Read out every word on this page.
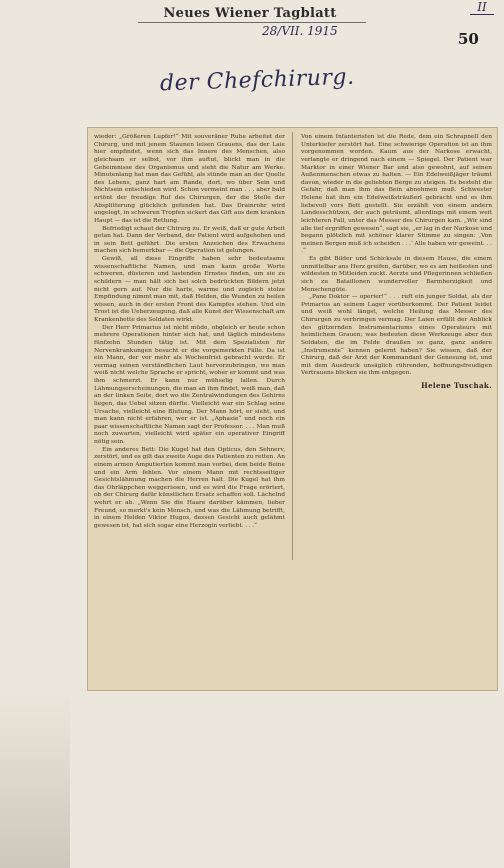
II
Neues Wiener Tagblatt
28/VII. 1915	50
der Chefchirurg.

wieder: „Größeren Lupfer!“ Mit souveräner Ruhe arbeitet der Chirurg, und mit jenem Staunen leisen Grauens, das der Laie hier empfindet, wenn sich das Innere des Menschen, also gleichsam er selbst, vor ihm auftut, blickt man in die Geheimnisse des Organismus und sieht die Natur am Werke. Minutenlang hat man das Gefühl, als stünde man an der Quelle des Lebens, ganz hart am Rande, dort, wo über Sein und Nichtsein entschieden wird. Schon vermeint man . . . aber bald ertönt der freudige Ruf des Chirurgen, der die Stelle der Absplitterung glücklich gefunden hat. Das Drainrohr wird angelegt, in schweren Tropfen sickert das Gift aus dem kranken Haupt — das ist die Rettung.

Befriedigt schaut der Chirurg zu. Er weiß, daß er gute Arbeit getan hat. Dann der Verband, der Patient wird aufgehoben und in sein Bett geführt. Die ersten Anzeichen des Erwachens machen sich bemerkbar — die Operation ist gelungen.

Gewiß, all diese Eingriffe haben sehr bedeutsame wissenschaftliche Namen, und man kann große Worte schweren, düsteren und lastenden Ernstes finden, um sie zu schildern — man hält sich bei solch bedrückten Bildern jetzt nicht gern auf. Nur die harte, warme und zugleich stolze Empfindung nimmt man mit, daß Helden, die Wunden zu heilen wissen, auch in der ersten Front des Kampfes stehen. Und ein Trost ist die Ueberzeugung, daß alle Kunst der Wissenschaft am Krankenbette des Soldaten wirkt.

Der Herr Primarius ist nicht müde, obgleich er heute schon mehrere Operationen hinter sich hat, und täglich mindestens fünfzehn Stunden tätig ist. Mit dem Spezialisten für Nervenkrankungen besucht er die vorgemerkten Fälle. Da ist ein Mann, der vor mehr als Wochenfrist gebracht wurde. Er vermag seinen verständlichen Laut hervorzubringen, wo man weiß nicht welche Sprache er spricht, woher er kommt und was ihm schmerzt. Er kann nur mühselig lallen. Durch Lähmungserscheinungen, die man an ihm findet, weiß man, daß an der linken Seite, dort wo die Zentralwindungen des Gehirns liegen, das Uebel sitzen dürfte. Vielleicht war ein Schlag seine Ursache, vielleicht eine Blutung. Der Mann hört, er sieht, und man kann nicht erfahren, wer er ist. „Aphasie“ und noch ein paar wissenschaftliche Namen sagt der Professor. . . . Man muß noch zuwarten, vielleicht wird später ein operativer Eingriff nötig sein.

Ein anderes Bett: Die Kugel hat den Opticus, den Sehnerv, zerstört, und es gilt das zweite Auge des Patienten zu retten. An einem armen Amputierten kommt man vorbei, dem beide Beine und ein Arm fehlen. Vor einem Mann mit rechtsseitiger Gesichtslähmung machen die Herren halt. Die Kugel hat ihm das Ohrläppchen weggerissen, und es wird die Frage erörtert, ob der Chirurg dafür künstlichen Ersatz schaffen soll. Lächelnd wehrt er ab. „Wenn Sie die Haare darüber kämmen, lieber Freund, so merkt's kein Mensch, und was die Lähmung betrifft, in einem Helden Viktor Hugos, dessen Gesicht auch gelähmt gewesen ist, hat sich sogar eine Herzogin verliebt. . . .“

Von einem Infanteristen ist die Rede, dem ein Schrapnell den Unterkiefer zerstört hat. Eine schwierige Operation ist an ihm vorgenommen worden. Kaum aus der Narkose erwacht, verlangte er dringend nach einem — Spiegel. Der Patient war Marktor in einer Wiener Bar und also gewohnt, auf seinen Außenmenschen etwas zu halten. — Ein Edelweißjäger träumt davon, wieder in die geliebten Berge zu steigen. Es besteht die Gefahr, daß man ihm das Bein abnehmen muß. Schwester Helene hat ihm ein Edelweißsträußerl gebracht und es ihm liebevoll vors Bett gestellt. Sie erzählt von einem andern Landesschützen, der auch geträumt, allerdings mit einem weit leichteren Fall, unter das Messer des Chirurgen kam. „Wir sind alle tief ergriffen gewesen“, sagt sie, „er lag in der Narkose und begann plötzlich mit schöner klarer Stimme zu singen: ‚Von meinen Bergen muß ich scheiden . . .‘ Alle haben wir geweint. . . .“

Es gibt Bilder und Schicksale in diesem Hause, die einem unmittelbar ans Herz greifen, darüber, wo es am heißesten und wildesten in Mitleiden zuckt. Aerzte und Pflegerinnen schließen sich zu Bataillonen wundervoller Barmherzigkeit und Menschengüte.

„Pane Doktor — operier!“ . . . ruft ein junger Soldat, als der Primarius an seinem Lager vorüberkommt. Der Patient leidet und weiß wohl längst, welche Heilung das Messer des Chirurgen zu verbringen vermag. Der Laien erfüllt der Anblick des glitzernden Instrumentariums eines Operateurs mit heimlichem Grauen; was bedeuten diese Werkzeuge aber den Soldaten, die im Felde draußen so ganz, ganz andere „Instrumente“ kennen gelernt haben? Sie wissen, daß der Chirurg, daß der Arzt der Kommandant der Genesung ist, und mit dem Ausdruck unsäglich rührenden, hoffnungsfreudigen Vertrauens blicken sie ihm entgegen.

Helene Tuschak.
